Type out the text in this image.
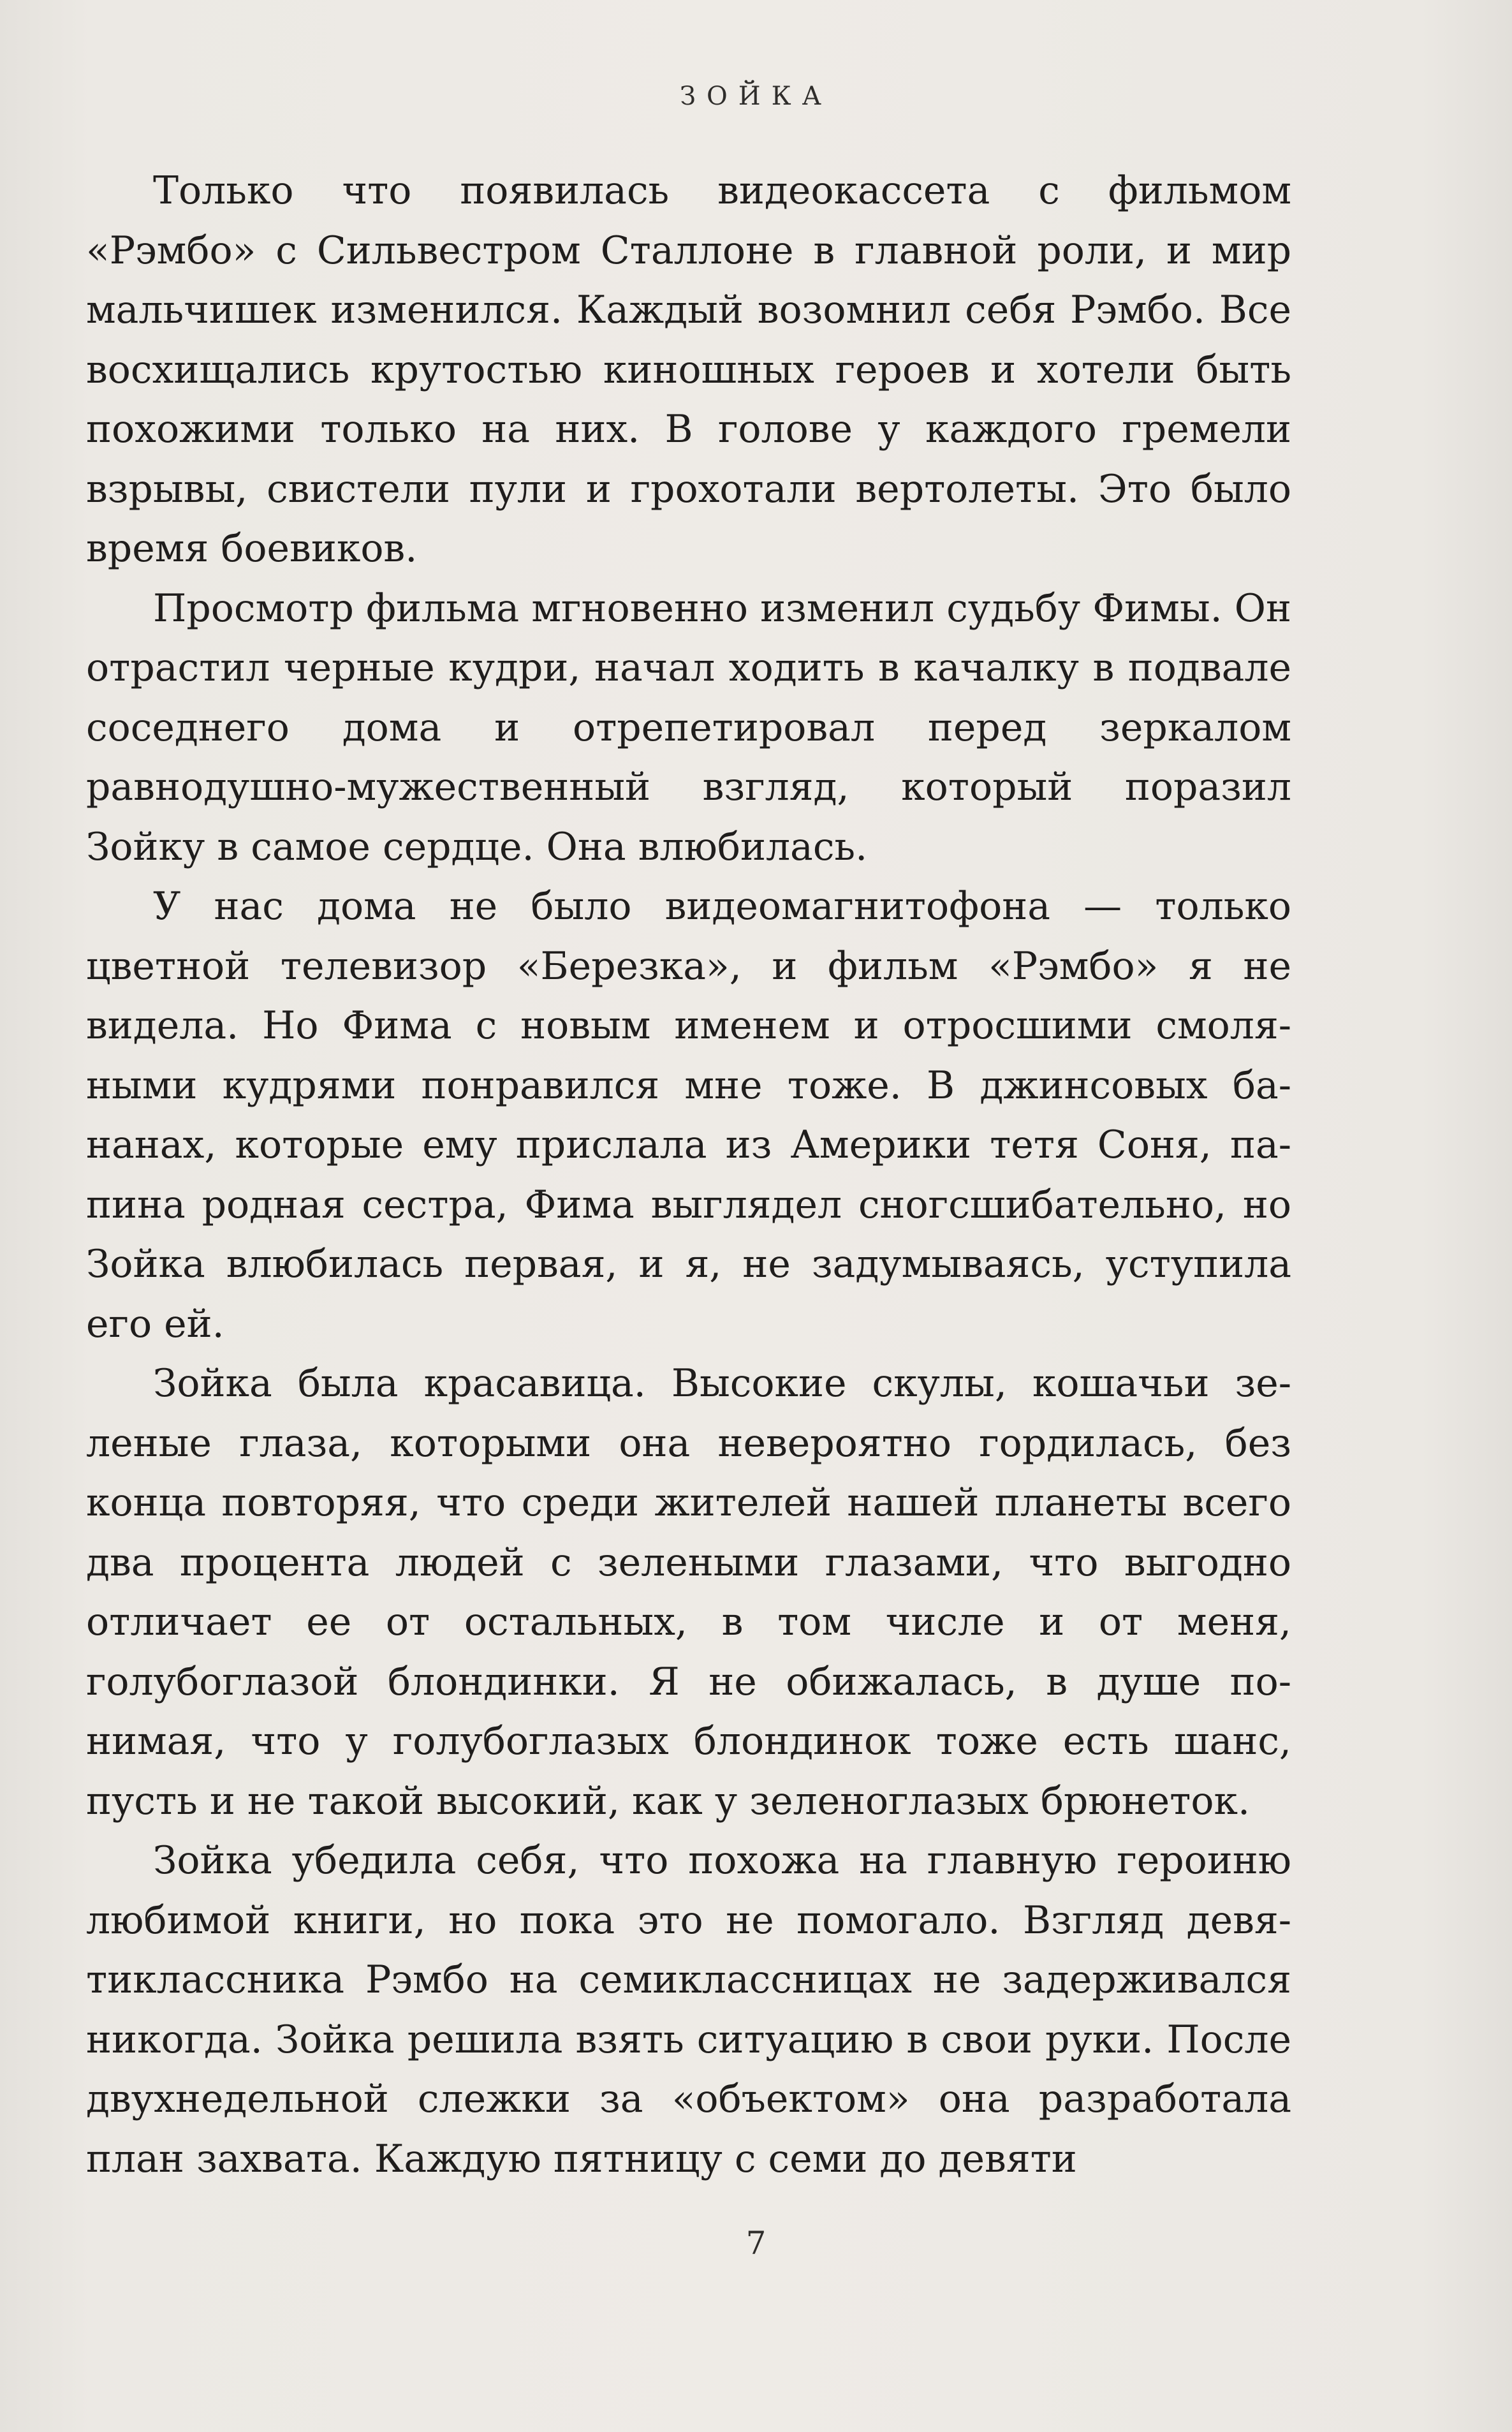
ЗОЙКА

Только что появилась видеокассета с фильмом «Рэмбо» с Сильвестром Сталлоне в главной роли, и мир мальчишек изменился. Каждый возомнил себя Рэмбо. Все восхищались крутостью киношных героев и хотели быть похожими только на них. В голове у каждого гремели взрывы, свистели пули и грохотали вертолеты. Это было время боевиков.

Просмотр фильма мгновенно изменил судьбу Фимы. Он отрастил черные кудри, начал ходить в качалку в подвале соседнего дома и отрепетировал перед зеркалом равнодушно-мужественный взгляд, который поразил Зойку в самое сердце. Она влюбилась.

У нас дома не было видеомагнитофона — только цветной телевизор «Березка», и фильм «Рэмбо» я не видела. Но Фима с новым именем и отросшими смоляными кудрями понравился мне тоже. В джинсовых бананах, которые ему прислала из Америки тетя Соня, папина родная сестра, Фима выглядел сногсшибательно, но Зойка влюбилась первая, и я, не задумываясь, уступила его ей.

Зойка была красавица. Высокие скулы, кошачьи зеленые глаза, которыми она невероятно гордилась, без конца повторяя, что среди жителей нашей планеты всего два процента людей с зелеными глазами, что выгодно отличает ее от остальных, в том числе и от меня, голубоглазой блондинки. Я не обижалась, в душе понимая, что у голубоглазых блондинок тоже есть шанс, пусть и не такой высокий, как у зеленоглазых брюнеток.

Зойка убедила себя, что похожа на главную героиню любимой книги, но пока это не помогало. Взгляд девятиклассника Рэмбо на семиклассницах не задерживался никогда. Зойка решила взять ситуацию в свои руки. После двухнедельной слежки за «объектом» она разработала план захвата. Каждую пятницу с семи до девяти

7
